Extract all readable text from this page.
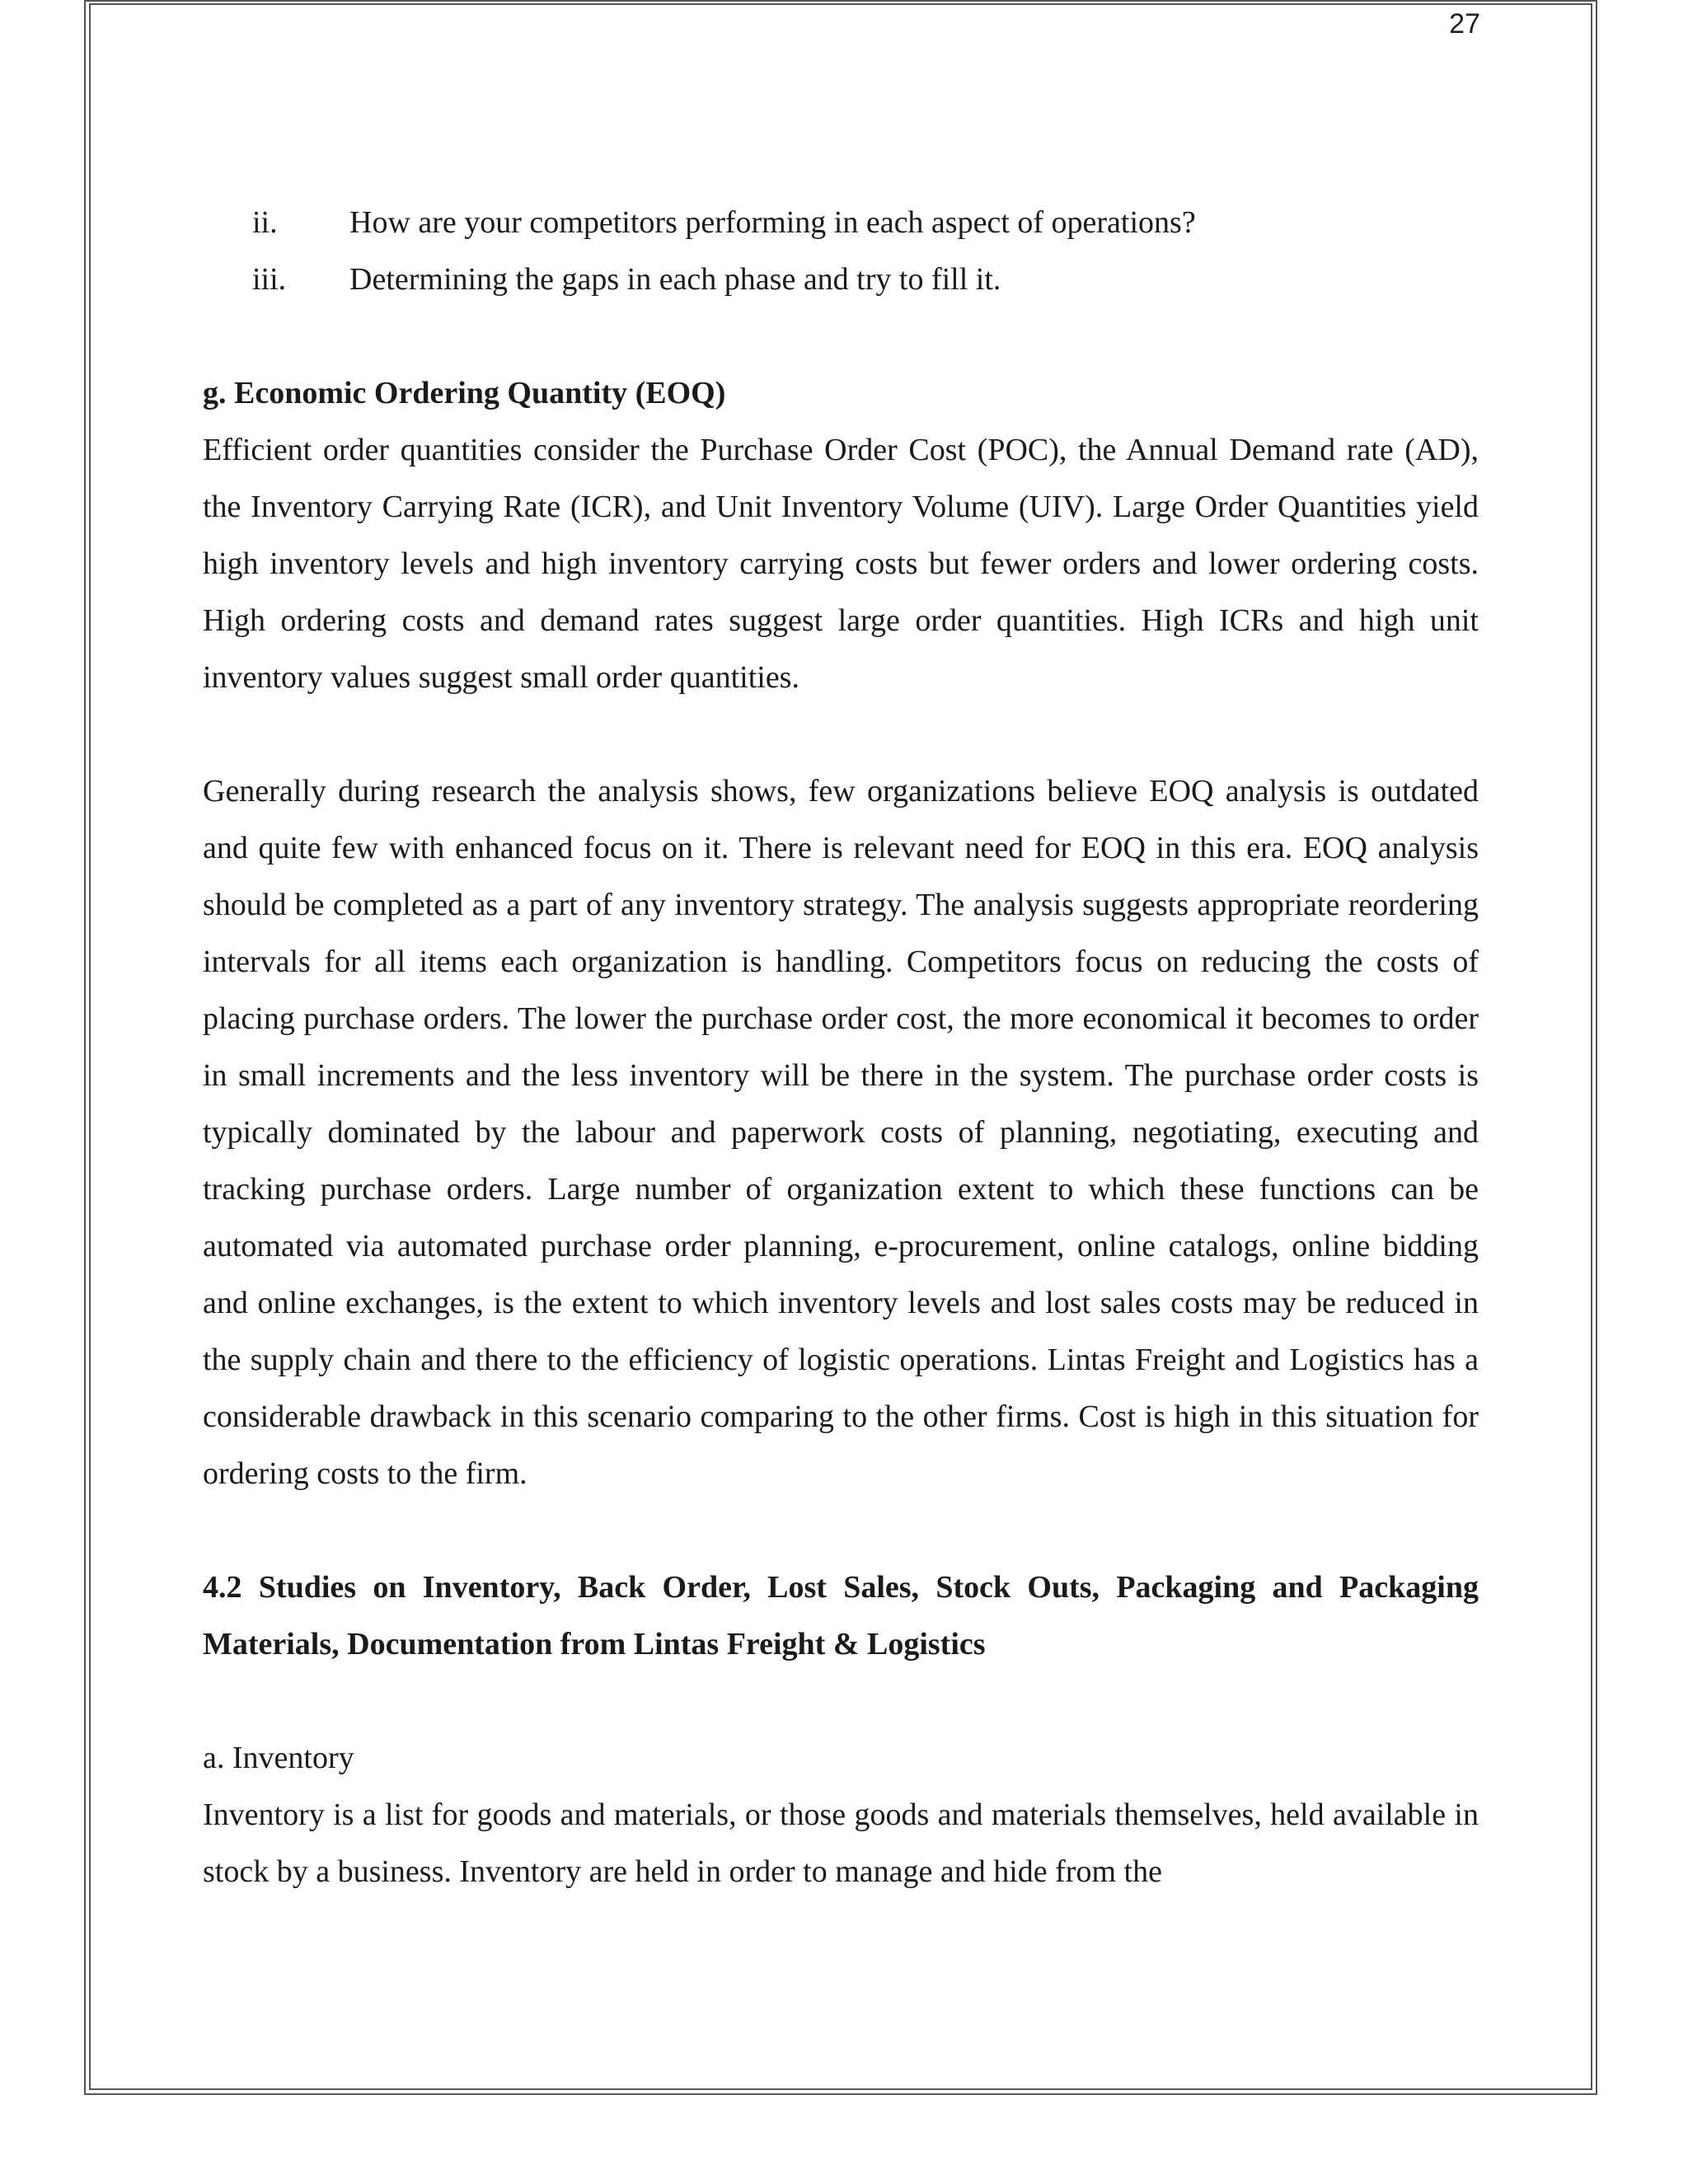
27
ii.	How are your competitors performing in each aspect of operations?
iii.	Determining the gaps in each phase and try to fill it.
g. Economic Ordering Quantity (EOQ)

Efficient order quantities consider the Purchase Order Cost (POC), the Annual Demand rate (AD), the Inventory Carrying Rate (ICR), and Unit Inventory Volume (UIV). Large Order Quantities yield high inventory levels and high inventory carrying costs but fewer orders and lower ordering costs. High ordering costs and demand rates suggest large order quantities. High ICRs and high unit inventory values suggest small order quantities.

Generally during research the analysis shows, few organizations believe EOQ analysis is outdated and quite few with enhanced focus on it. There is relevant need for EOQ in this era. EOQ analysis should be completed as a part of any inventory strategy. The analysis suggests appropriate reordering intervals for all items each organization is handling. Competitors focus on reducing the costs of placing purchase orders. The lower the purchase order cost, the more economical it becomes to order in small increments and the less inventory will be there in the system. The purchase order costs is typically dominated by the labour and paperwork costs of planning, negotiating, executing and tracking purchase orders. Large number of organization extent to which these functions can be automated via automated purchase order planning, e-procurement, online catalogs, online bidding and online exchanges, is the extent to which inventory levels and lost sales costs may be reduced in the supply chain and there to the efficiency of logistic operations. Lintas Freight and Logistics has a considerable drawback in this scenario comparing to the other firms. Cost is high in this situation for ordering costs to the firm.

4.2 Studies on Inventory, Back Order, Lost Sales, Stock Outs, Packaging and Packaging Materials, Documentation from Lintas Freight & Logistics

a. Inventory

Inventory is a list for goods and materials, or those goods and materials themselves, held available in stock by a business. Inventory are held in order to manage and hide from the
